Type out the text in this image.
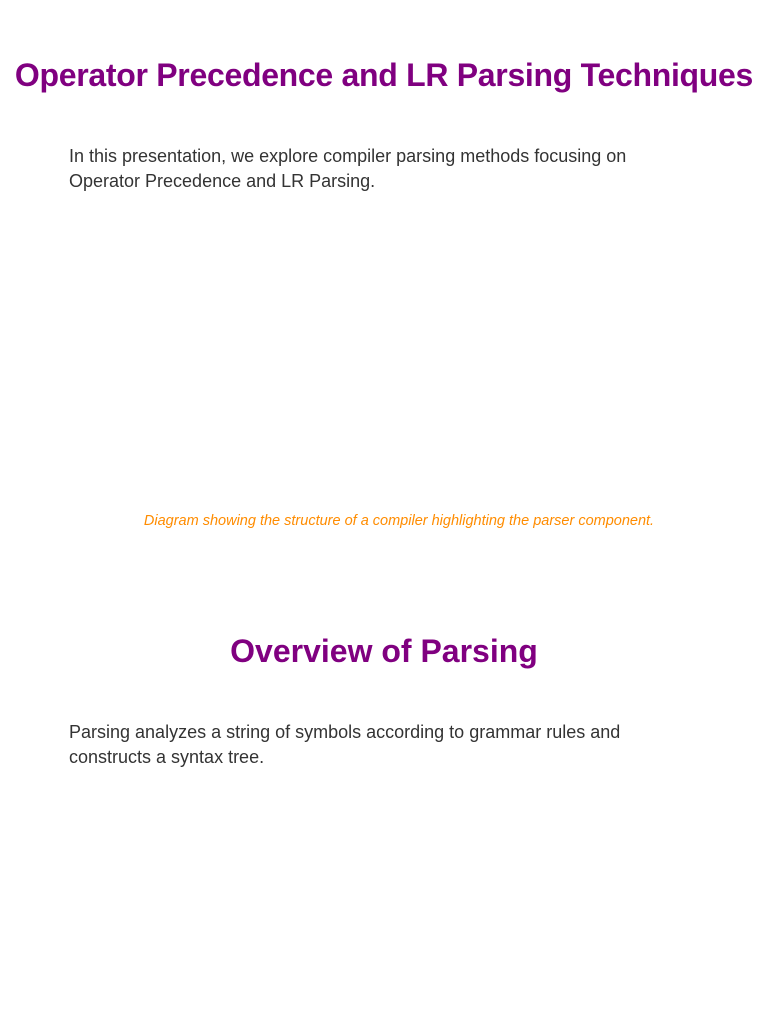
Operator Precedence and LR Parsing Techniques

In this presentation, we explore compiler parsing methods focusing on Operator Precedence and LR Parsing.

Diagram showing the structure of a compiler highlighting the parser component.

Overview of Parsing

Parsing analyzes a string of symbols according to grammar rules and constructs a syntax tree.
